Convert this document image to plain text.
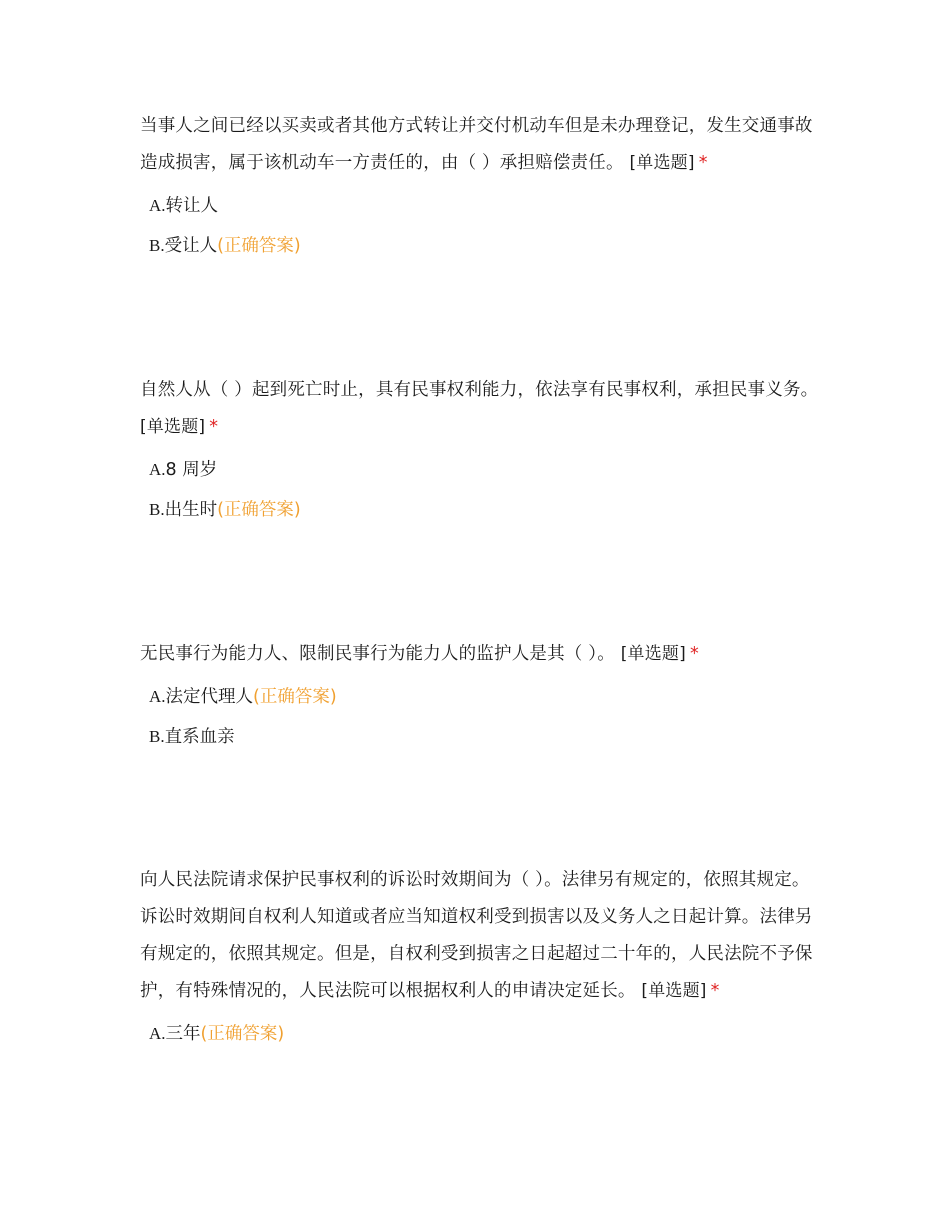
当事人之间已经以买卖或者其他方式转让并交付机动车但是未办理登记，发生交通事故造成损害，属于该机动车一方责任的，由（ ）承担赔偿责任。 [单选题] *

A.转让人
B.受让人(正确答案)

自然人从（ ）起到死亡时止，具有民事权利能力，依法享有民事权利，承担民事义务。 [单选题] *

A.8 周岁
B.出生时(正确答案)

无民事行为能力人、限制民事行为能力人的监护人是其（ ）。 [单选题] *

A.法定代理人(正确答案)
B.直系血亲

向人民法院请求保护民事权利的诉讼时效期间为（ ）。法律另有规定的，依照其规定。诉讼时效期间自权利人知道或者应当知道权利受到损害以及义务人之日起计算。法律另有规定的，依照其规定。但是，自权利受到损害之日起超过二十年的，人民法院不予保护，有特殊情况的，人民法院可以根据权利人的申请决定延长。 [单选题] *

A.三年(正确答案)
